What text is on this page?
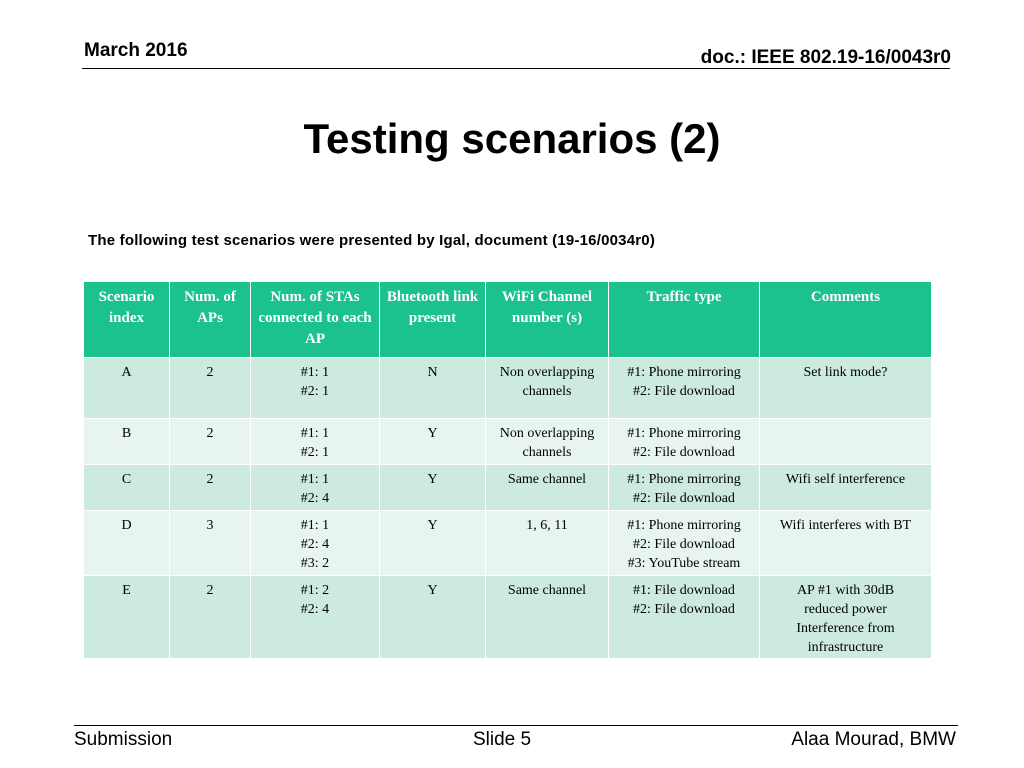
March 2016	doc.: IEEE 802.19-16/0043r0
Testing scenarios (2)
The following test scenarios were presented by Igal, document (19-16/0034r0)
Scenario index	Num. of APs	Num. of STAs connected to each AP	Bluetooth link present	WiFi Channel number (s)	Traffic type	Comments
A	2	#1: 1
#2: 1	N	Non overlapping
channels	#1: Phone mirroring
#2: File download	Set link mode?

B	2	#1: 1
#2: 1	Y	Non overlapping
channels	#1: Phone mirroring
#2: File download	

C	2	#1: 1
#2: 4	Y	Same channel	#1: Phone mirroring
#2: File download	Wifi self interference

D	3	#1: 1
#2: 4
#3: 2	Y	1, 6, 11	#1: Phone mirroring
#2: File download
#3: YouTube stream	Wifi interferes with BT

E	2	#1: 2
#2: 4	Y	Same channel	#1: File download
#2: File download	AP #1 with 30dB
reduced power
Interference from
infrastructure
Submission	Slide 5	Alaa Mourad, BMW
